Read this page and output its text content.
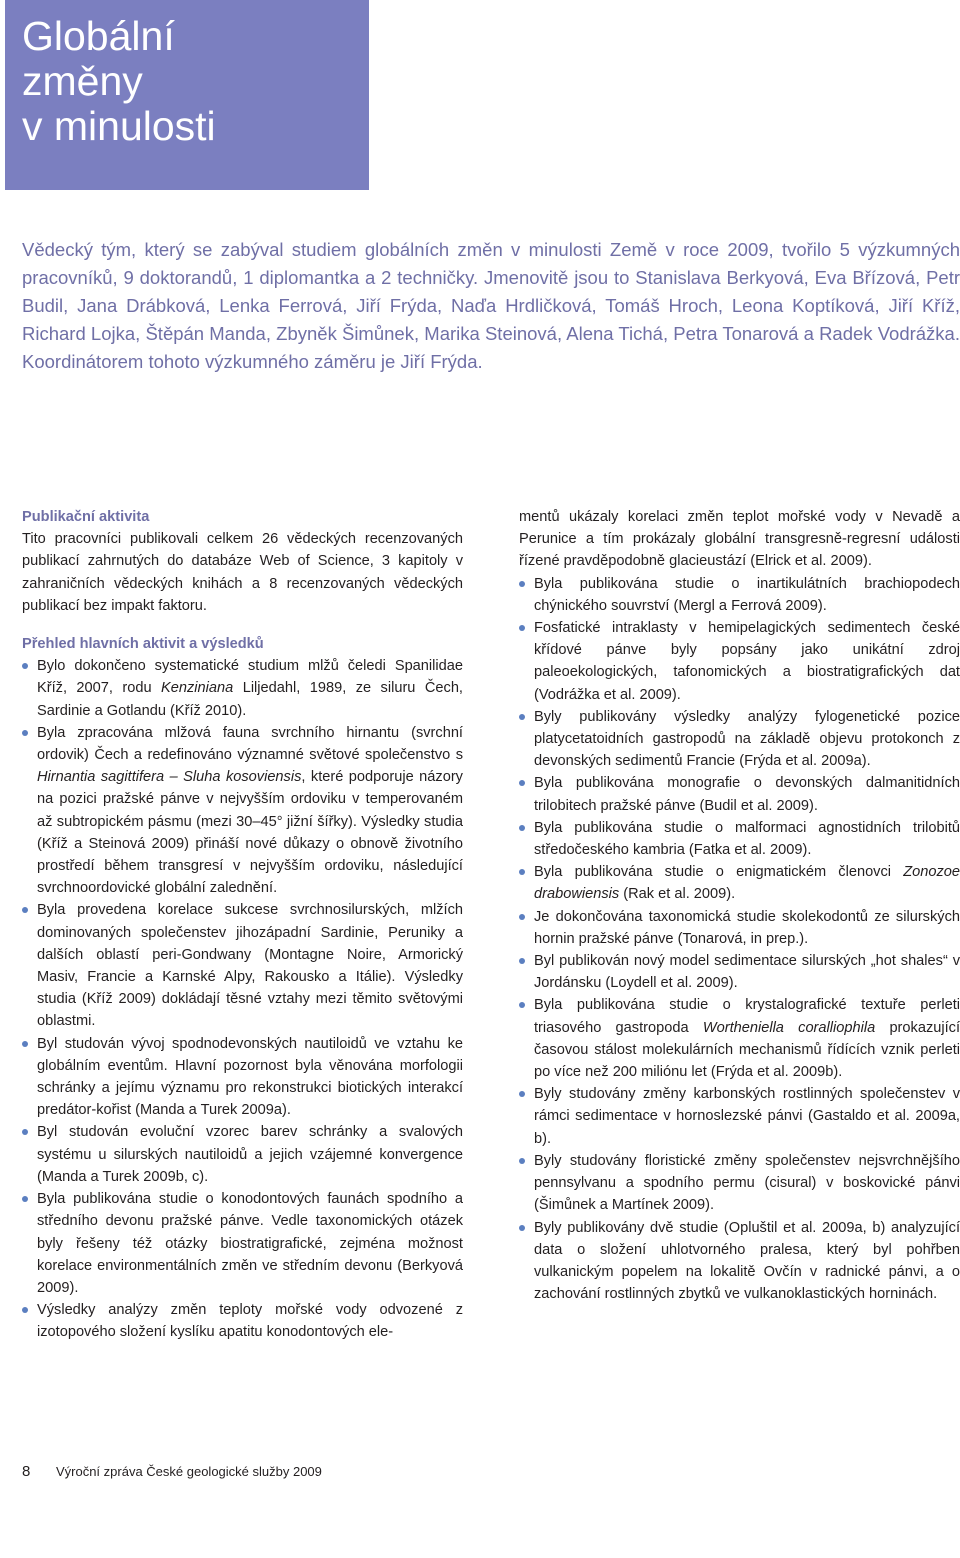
Globální
změny
v minulosti

Vědecký tým, který se zabýval studiem globálních změn v minulosti Země v roce 2009, tvořilo 5 výzkumných pracovníků, 9 doktorandů, 1 diplomantka a 2 techničky. Jmenovitě jsou to Stanislava Berkyová, Eva Břízová, Petr Budil, Jana Drábková, Lenka Ferrová, Jiří Frýda, Naďa Hrdličková, Tomáš Hroch, Leona Koptíková, Jiří Kříž, Richard Lojka, Štěpán Manda, Zbyněk Šimůnek, Marika Steinová, Alena Tichá, Petra Tonarová a Radek Vodrážka. Koordinátorem tohoto výzkumného záměru je Jiří Frýda.

Publikační aktivita

Tito pracovníci publikovali celkem 26 vědeckých recenzovaných publikací zahrnutých do databáze Web of Science, 3 kapitoly v zahraničních vědeckých knihách a 8 recenzovaných vědeckých publikací bez impakt faktoru.

Přehled hlavních aktivit a výsledků
Bylo dokončeno systematické studium mlžů čeledi Spanilidae Kříž, 2007, rodu Kenziniana Liljedahl, 1989, ze siluru Čech, Sardinie a Gotlandu (Kříž 2010).
Byla zpracována mlžová fauna svrchního hirnantu (svrchní ordovik) Čech a redefinováno významné světové společenstvo s Hirnantia sagittifera – Sluha kosoviensis, které podporuje názory na pozici pražské pánve v nejvyšším ordoviku v temperovaném až subtropickém pásmu (mezi 30–45° jižní šířky). Výsledky studia (Kříž a Steinová 2009) přináší nové důkazy o obnově životního prostředí během transgresí v nejvyšším ordoviku, následující svrchnoordovické globální zalednění.
Byla provedena korelace sukcese svrchnosilurských, mlžích dominovaných společenstev jihozápadní Sardinie, Peruniky a dalších oblastí peri-Gondwany (Montagne Noire, Armorický Masiv, Francie a Karnské Alpy, Rakousko a Itálie). Výsledky studia (Kříž 2009) dokládají těsné vztahy mezi těmito světovými oblastmi.
Byl studován vývoj spodnodevonských nautiloidů ve vztahu ke globálním eventům. Hlavní pozornost byla věnována morfologii schránky a jejímu významu pro rekonstrukci biotických interakcí predátor-kořist (Manda a Turek 2009a).
Byl studován evoluční vzorec barev schránky a svalových systému u silurských nautiloidů a jejich vzájemné konvergence (Manda a Turek 2009b, c).
Byla publikována studie o konodontových faunách spodního a středního devonu pražské pánve. Vedle taxonomických otázek byly řešeny též otázky biostratigrafické, zejména možnost korelace environmentálních změn ve středním devonu (Berkyová 2009).
Výsledky analýzy změn teploty mořské vody odvozené z izotopového složení kyslíku apatitu konodontových ele-

mentů ukázaly korelaci změn teplot mořské vody v Nevadě a Perunice a tím prokázaly globální transgresně-regresní události řízené pravděpodobně glacieustází (Elrick et al. 2009).

Byla publikována studie o inartikulátních brachiopodech chýnického souvrství (Mergl a Ferrová 2009).
Fosfatické intraklasty v hemipelagických sedimentech české křídové pánve byly popsány jako unikátní zdroj paleoekologických, tafonomických a biostratigrafických dat (Vodrážka et al. 2009).
Byly publikovány výsledky analýzy fylogenetické pozice platycetatoidních gastropodů na základě objevu protokonch z devonských sedimentů Francie (Frýda et al. 2009a).
Byla publikována monografie o devonských dalmanitidních trilobitech pražské pánve (Budil et al. 2009).
Byla publikována studie o malformaci agnostidních trilobitů středočeského kambria (Fatka et al. 2009).
Byla publikována studie o enigmatickém členovci Zonozoe drabowiensis (Rak et al. 2009).
Je dokončována taxonomická studie skolekodontů ze silurských hornin pražské pánve (Tonarová, in prep.).
Byl publikován nový model sedimentace silurských „hot shales“ v Jordánsku (Loydell et al. 2009).
Byla publikována studie o krystalografické textuře perleti triasového gastropoda Wortheniella coralliophila prokazující časovou stálost molekulárních mechanismů řídících vznik perleti po více než 200 miliónu let (Frýda et al. 2009b).
Byly studovány změny karbonských rostlinných společenstev v rámci sedimentace v hornoslezské pánvi (Gastaldo et al. 2009a, b).
Byly studovány floristické změny společenstev nejsvrchnějšího pennsylvanu a spodního permu (cisural) v boskovické pánvi (Šimůnek a Martínek 2009).
Byly publikovány dvě studie (Opluštil et al. 2009a, b) analyzující data o složení uhlotvorného pralesa, který byl pohřben vulkanickým popelem na lokalitě Ovčín v radnické pánvi, a o zachování rostlinných zbytků ve vulkanoklastických horninách.
8 Výroční zpráva České geologické služby 2009
